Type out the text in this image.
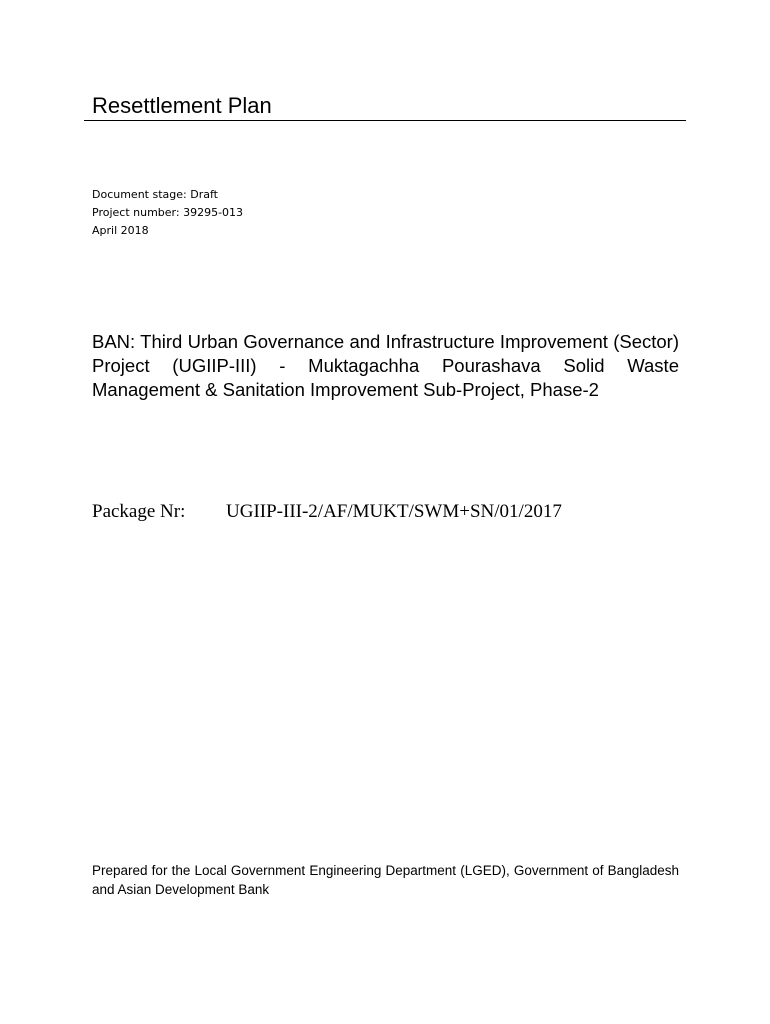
Resettlement Plan
Document stage: Draft
Project number: 39295-013
April 2018
BAN: Third Urban Governance and Infrastructure Improvement (Sector) Project (UGIIP-III) - Muktagachha Pourashava Solid Waste Management & Sanitation Improvement Sub-Project, Phase-2
Package Nr: UGIIP-III-2/AF/MUKT/SWM+SN/01/2017
Prepared for the Local Government Engineering Department (LGED), Government of Bangladesh and Asian Development Bank
